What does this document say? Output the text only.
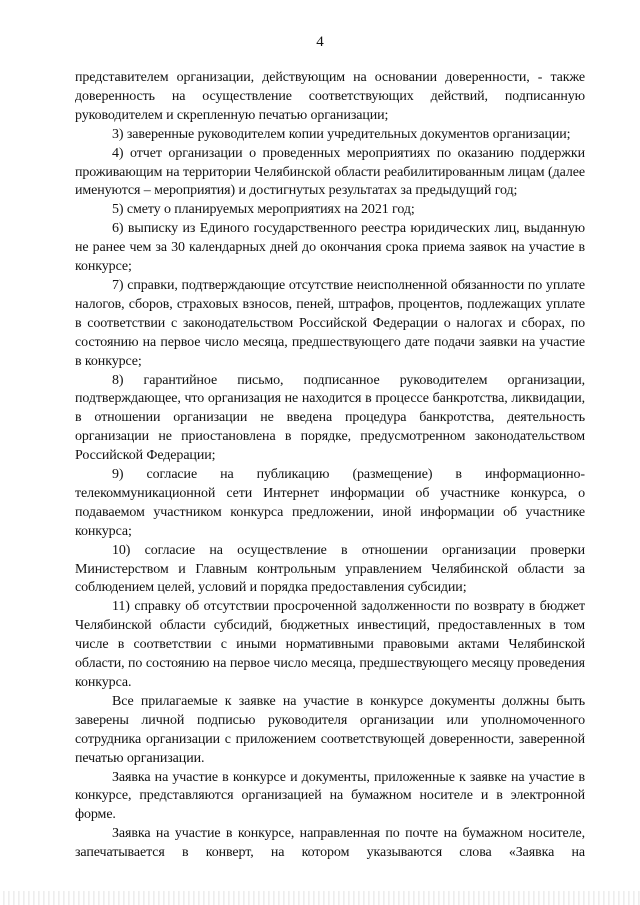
4

представителем организации, действующим на основании доверенности, - также доверенность на осуществление соответствующих действий, подписанную руководителем и скрепленную печатью организации;

3) заверенные руководителем копии учредительных документов организации;

4) отчет организации о проведенных мероприятиях по оказанию поддержки проживающим на территории Челябинской области реабилитированным лицам (далее именуются – мероприятия) и достигнутых результатах за предыдущий год;

5) смету о планируемых мероприятиях на 2021 год;

6) выписку из Единого государственного реестра юридических лиц, выданную не ранее чем за 30 календарных дней до окончания срока приема заявок на участие в конкурсе;

7) справки, подтверждающие отсутствие неисполненной обязанности по уплате налогов, сборов, страховых взносов, пеней, штрафов, процентов, подлежащих уплате в соответствии с законодательством Российской Федерации о налогах и сборах, по состоянию на первое число месяца, предшествующего дате подачи заявки на участие в конкурсе;

8) гарантийное письмо, подписанное руководителем организации, подтверждающее, что организация не находится в процессе банкротства, ликвидации, в отношении организации не введена процедура банкротства, деятельность организации не приостановлена в порядке, предусмотренном законодательством Российской Федерации;

9) согласие на публикацию (размещение) в информационно-телекоммуникационной сети Интернет информации об участнике конкурса, о подаваемом участником конкурса предложении, иной информации об участнике конкурса;

10) согласие на осуществление в отношении организации проверки Министерством и Главным контрольным управлением Челябинской области за соблюдением целей, условий и порядка предоставления субсидии;

11) справку об отсутствии просроченной задолженности по возврату в бюджет Челябинской области субсидий, бюджетных инвестиций, предоставленных в том числе в соответствии с иными нормативными правовыми актами Челябинской области, по состоянию на первое число месяца, предшествующего месяцу проведения конкурса.

Все прилагаемые к заявке на участие в конкурсе документы должны быть заверены личной подписью руководителя организации или уполномоченного сотрудника организации с приложением соответствующей доверенности, заверенной печатью организации.

Заявка на участие в конкурсе и документы, приложенные к заявке на участие в конкурсе, представляются организацией на бумажном носителе и в электронной форме.

Заявка на участие в конкурсе, направленная по почте на бумажном носителе, запечатывается в конверт, на котором указываются слова «Заявка на
